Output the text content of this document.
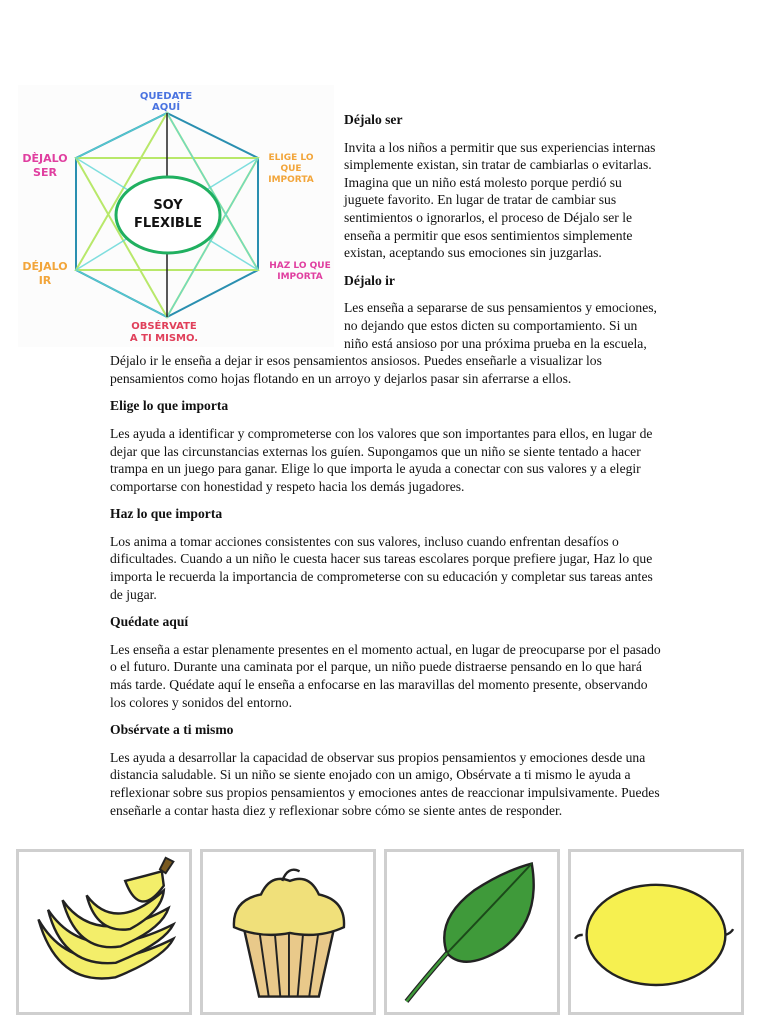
SOY
FLEXIBLE
QUEDATE
AQUÍ
DÈJALO
SER
DÉJALO
IR
ELIGE LO
QUE
IMPORTA
HAZ LO QUE
IMPORTA
OBSÉRVATE
A TI MISMO.
Déjalo ser

Invita a los niños a permitir que sus experiencias internas simplemente existan, sin tratar de cambiarlas o evitarlas. Imagina que un niño está molesto porque perdió su juguete favorito. En lugar de tratar de cambiar sus sentimientos o ignorarlos, el proceso de Déjalo ser le enseña a permitir que esos sentimientos simplemente existan, aceptando sus emociones sin juzgarlas.

Déjalo ir

Les enseña a separarse de sus pensamientos y emociones, no dejando que estos dicten su comportamiento. Si un niño está ansioso por una próxima prueba en la escuela, Déjalo ir le enseña a dejar ir esos pensamientos ansiosos. Puedes enseñarle a visualizar los pensamientos como hojas flotando en un arroyo y dejarlos pasar sin aferrarse a ellos.

Elige lo que importa

Les ayuda a identificar y comprometerse con los valores que son importantes para ellos, en lugar de dejar que las circunstancias externas los guíen. Supongamos que un niño se siente tentado a hacer trampa en un juego para ganar. Elige lo que importa le ayuda a conectar con sus valores y a elegir comportarse con honestidad y respeto hacia los demás jugadores.

Haz lo que importa

Los anima a tomar acciones consistentes con sus valores, incluso cuando enfrentan desafíos o dificultades. Cuando a un niño le cuesta hacer sus tareas escolares porque prefiere jugar, Haz lo que importa le recuerda la importancia de comprometerse con su educación y completar sus tareas antes de jugar.

Quédate aquí

Les enseña a estar plenamente presentes en el momento actual, en lugar de preocuparse por el pasado o el futuro. Durante una caminata por el parque, un niño puede distraerse pensando en lo que hará más tarde. Quédate aquí le enseña a enfocarse en las maravillas del momento presente, observando los colores y sonidos del entorno.

Obsérvate a ti mismo

Les ayuda a desarrollar la capacidad de observar sus propios pensamientos y emociones desde una distancia saludable. Si un niño se siente enojado con un amigo, Obsérvate a ti mismo le ayuda a reflexionar sobre sus propios pensamientos y emociones antes de reaccionar impulsivamente. Puedes enseñarle a contar hasta diez y reflexionar sobre cómo se siente antes de responder.
